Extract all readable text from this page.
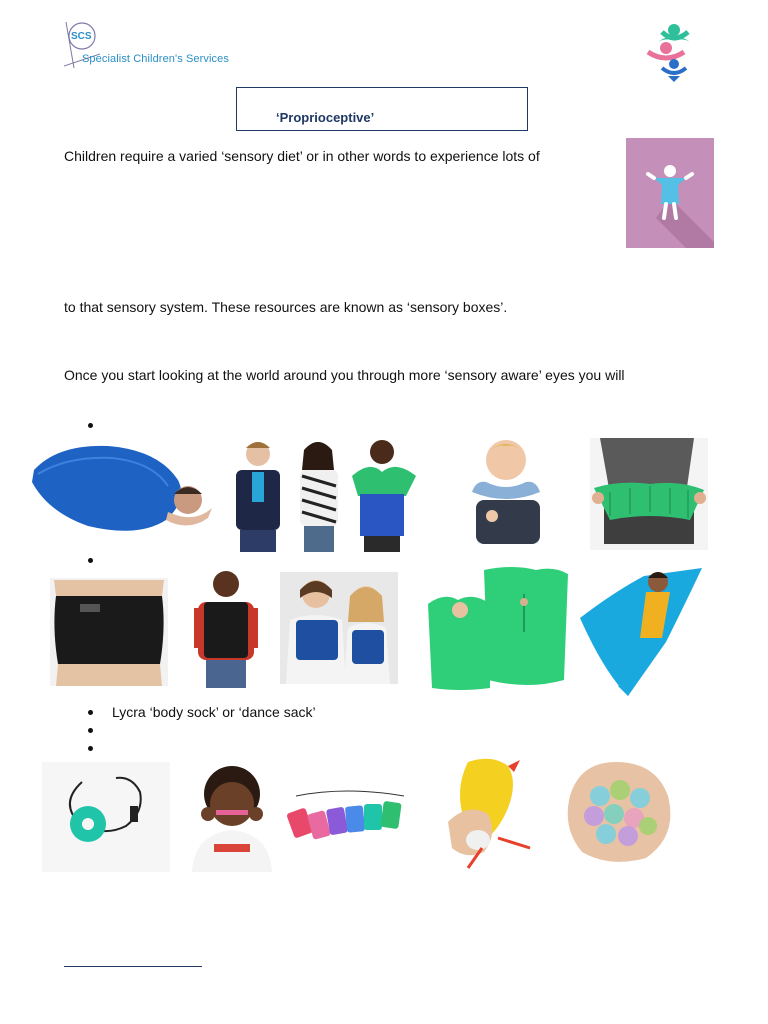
SCS
Specialist Children's Services
‘Proprioceptive’
Children require a varied ‘sensory diet’ or in other words to experience lots of
to that sensory system. These resources are known as ‘sensory boxes’.
Once you start looking at the world around you through more ‘sensory aware’ eyes you will
Lycra ‘body sock’ or ‘dance sack’
